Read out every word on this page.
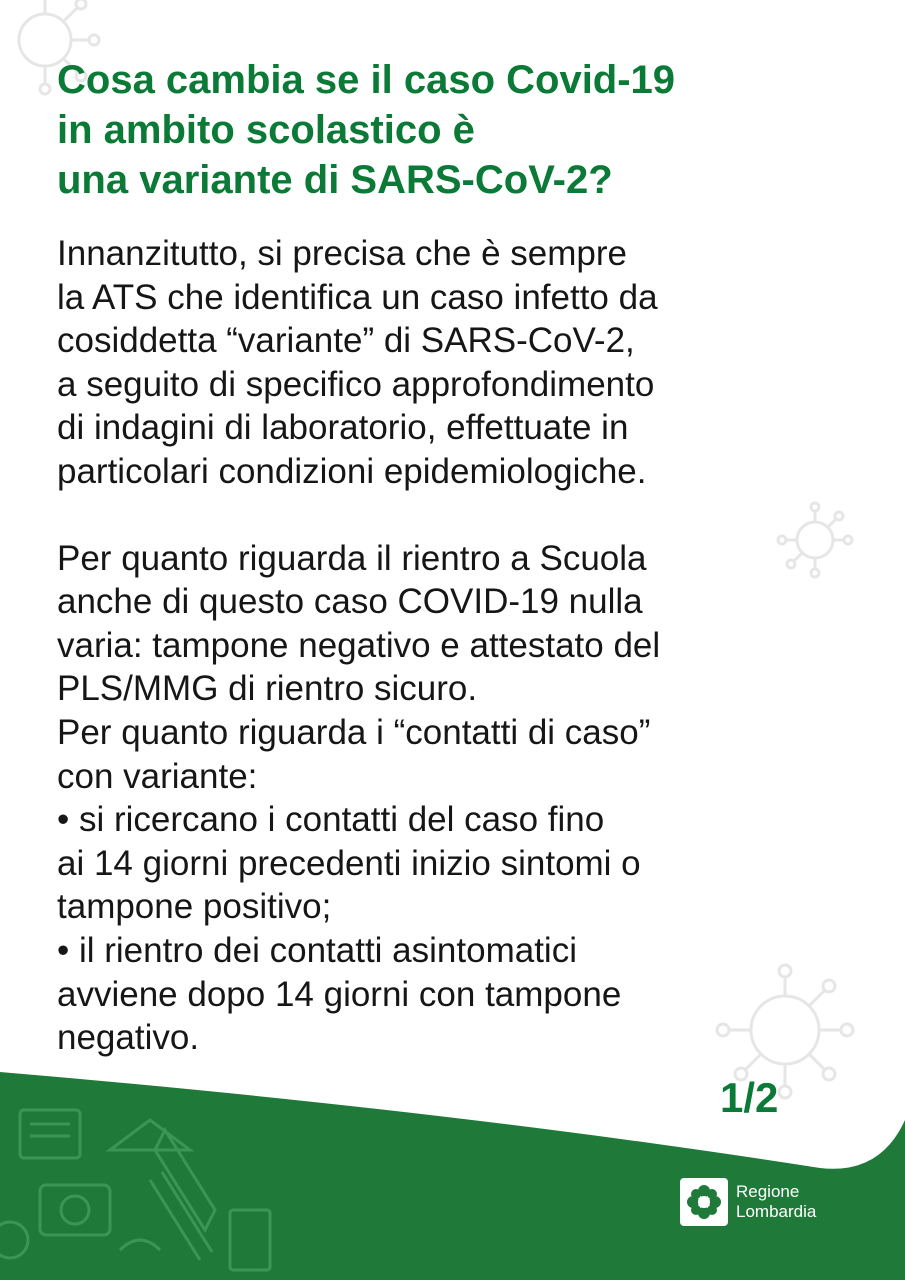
Cosa cambia se il caso Covid-19
in ambito scolastico è
una variante di SARS-CoV-2?
Innanzitutto, si precisa che è sempre
la ATS che identifica un caso infetto da
cosiddetta “variante” di SARS-CoV-2,
a seguito di specifico approfondimento
di indagini di laboratorio, effettuate in
particolari condizioni epidemiologiche.
Per quanto riguarda il rientro a Scuola
anche di questo caso COVID-19 nulla
varia: tampone negativo e attestato del
PLS/MMG di rientro sicuro.
Per quanto riguarda i “contatti di caso”
con variante:
• si ricercano i contatti del caso fino
ai 14 giorni precedenti inizio sintomi o
tampone positivo;
• il rientro dei contatti asintomatici
avviene dopo 14 giorni con tampone
negativo.
1/2
Regione
Lombardia
